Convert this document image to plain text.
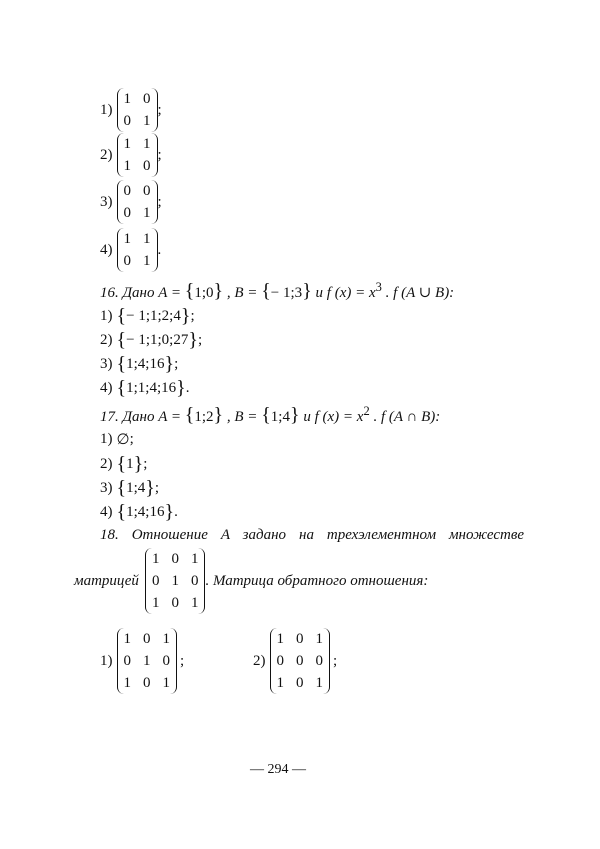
1)
1 0
0 1
;
2)
1 1
1 0
;
3)
0 0
0 1
;
4)
1 1
0 1
.
16. Дано A = {1;0} , B = {− 1;3} и f $(x) = x^3$ . f (A ∪ B):
1) { − 1;1;2;4 } ;
2) { − 1;1;0;27 } ;
3) { 1;4;16 } ;
4) { 1;1;4;16 } .
17. Дано A = {1;2} , B = {1;4} и f $(x) = x^2$ . f (A ∩ B):
1) ∅ ;
2) { 1 } ;
3) { 1;4 } ;
4) { 1;4;16 } .
18. Отношение A задано на трехэлементном множестве
матрицей
1 0 1
0 1 0
1 0 1
. Матрица обратного отношения:
1)
1 0 1
0 1 0
1 0 1
;	2)
1 0 1
0 0 0
1 0 1
;
— 294 —
